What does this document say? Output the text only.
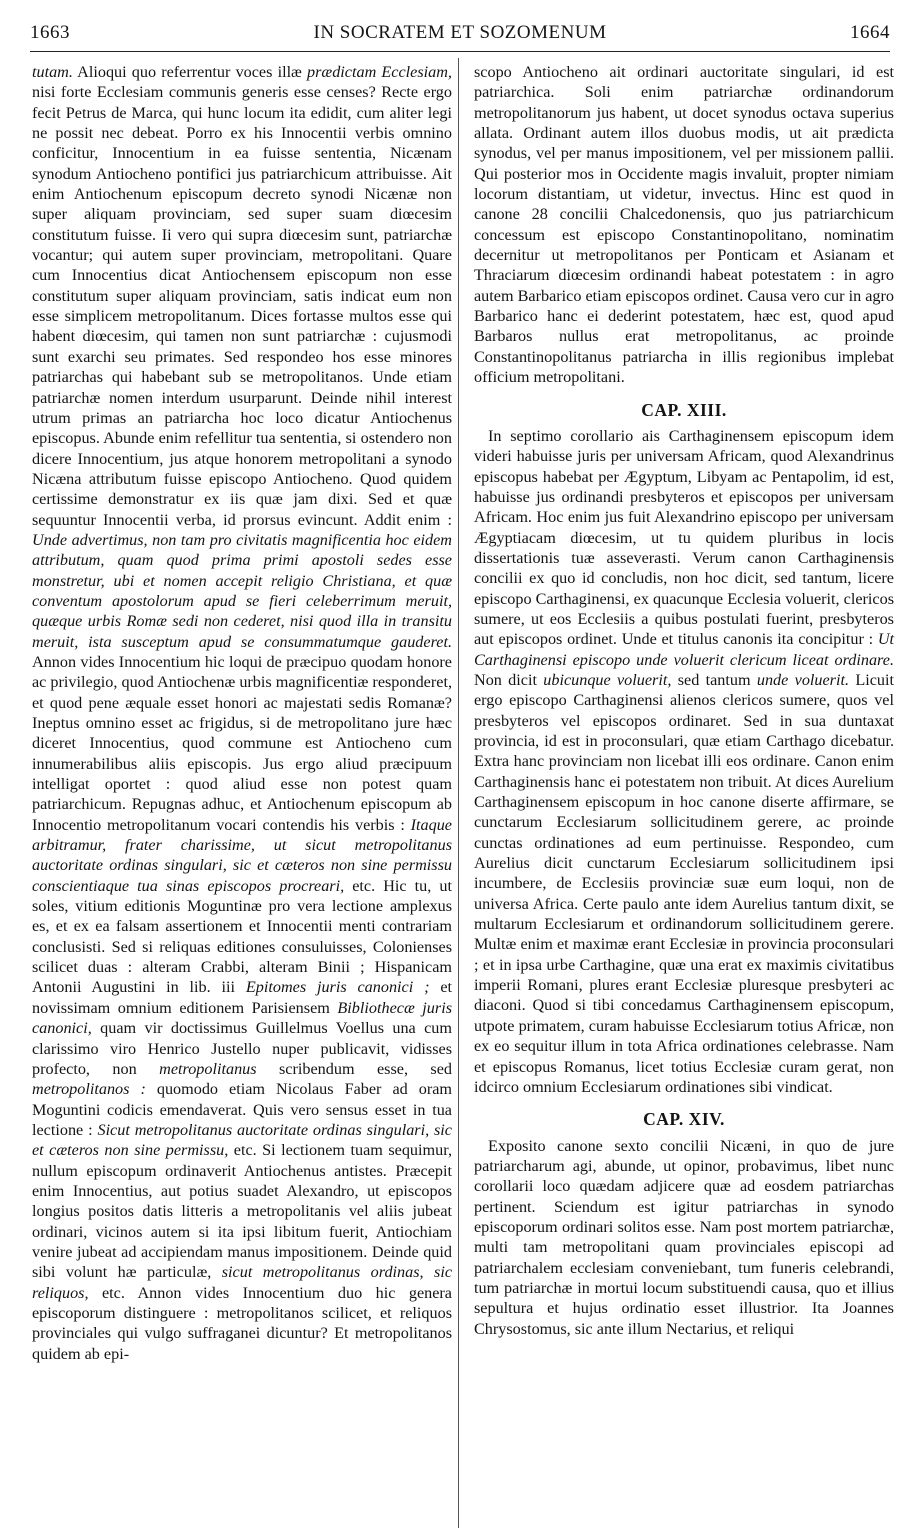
1663	IN SOCRATEM ET SOZOMENUM	1664

tutam. Alioqui quo referrentur voces illæ prædictam Ecclesiam, nisi forte Ecclesiam communis generis esse censes? Recte ergo fecit Petrus de Marca, qui hunc locum ita edidit, cum aliter legi ne possit nec debeat. Porro ex his Innocentii verbis omnino conficitur, Innocentium in ea fuisse sententia, Nicænam synodum Antiocheno pontifici jus patriarchicum attribuisse. Ait enim Antiochenum episcopum decreto synodi Nicænæ non super aliquam provinciam, sed super suam diœcesim constitutum fuisse. Ii vero qui supra diœcesim sunt, patriarchæ vocantur; qui autem super provinciam, metropolitani. Quare cum Innocentius dicat Antiochensem episcopum non esse constitutum super aliquam provinciam, satis indicat eum non esse simplicem metropolitanum. Dices fortasse multos esse qui habent diœcesim, qui tamen non sunt patriarchæ : cujusmodi sunt exarchi seu primates. Sed respondeo hos esse minores patriarchas qui habebant sub se metropolitanos. Unde etiam patriarchæ nomen interdum usurparunt. Deinde nihil interest utrum primas an patriarcha hoc loco dicatur Antiochenus episcopus. Abunde enim refellitur tua sententia, si ostendero non dicere Innocentium, jus atque honorem metropolitani a synodo Nicæna attributum fuisse episcopo Antiocheno. Quod quidem certissime demonstratur ex iis quæ jam dixi. Sed et quæ sequuntur Innocentii verba, id prorsus evincunt. Addit enim : Unde advertimus, non tam pro civitatis magnificentia hoc eidem attributum, quam quod prima primi apostoli sedes esse monstretur, ubi et nomen accepit religio Christiana, et quæ conventum apostolorum apud se fieri celeberrimum meruit, quæque urbis Romæ sedi non cederet, nisi quod illa in transitu meruit, ista susceptum apud se consummatumque gauderet. Annon vides Innocentium hic loqui de præcipuo quodam honore ac privilegio, quod Antiochenæ urbis magnificentiæ responderet, et quod pene æquale esset honori ac majestati sedis Romanæ? Ineptus omnino esset ac frigidus, si de metropolitano jure hæc diceret Innocentius, quod commune est Antiocheno cum innumerabilibus aliis episcopis. Jus ergo aliud præcipuum intelligat oportet : quod aliud esse non potest quam patriarchicum. Repugnas adhuc, et Antiochenum episcopum ab Innocentio metropolitanum vocari contendis his verbis : Itaque arbitramur, frater charissime, ut sicut metropolitanus auctoritate ordinas singulari, sic et cæteros non sine permissu conscientiaque tua sinas episcopos procreari, etc. Hic tu, ut soles, vitium editionis Moguntinæ pro vera lectione amplexus es, et ex ea falsam assertionem et Innocentii menti contrariam conclusisti. Sed si reliquas editiones consuluisses, Colonienses scilicet duas : alteram Crabbi, alteram Binii ; Hispanicam Antonii Augustini in lib. iii Epitomes juris canonici ; et novissimam omnium editionem Parisiensem Bibliothecæ juris canonici, quam vir doctissimus Guillelmus Voellus una cum clarissimo viro Henrico Justello nuper publicavit, vidisses profecto, non metropolitanus scribendum esse, sed metropolitanos : quomodo etiam Nicolaus Faber ad oram Moguntini codicis emendaverat. Quis vero sensus esset in tua lectione : Sicut metropolitanus auctoritate ordinas singulari, sic et cæteros non sine permissu, etc. Si lectionem tuam sequimur, nullum episcopum ordinaverit Antiochenus antistes. Præcepit enim Innocentius, aut potius suadet Alexandro, ut episcopos longius positos datis litteris a metropolitanis vel aliis jubeat ordinari, vicinos autem si ita ipsi libitum fuerit, Antiochiam venire jubeat ad accipiendam manus impositionem. Deinde quid sibi volunt hæ particulæ, sicut metropolitanus ordinas, sic reliquos, etc. Annon vides Innocentium duo hic genera episcoporum distinguere : metropolitanos scilicet, et reliquos provinciales qui vulgo suffraganei dicuntur? Et metropolitanos quidem ab epi-

scopo Antiocheno ait ordinari auctoritate singulari, id est patriarchica. Soli enim patriarchæ ordinandorum metropolitanorum jus habent, ut docet synodus octava superius allata. Ordinant autem illos duobus modis, ut ait prædicta synodus, vel per manus impositionem, vel per missionem pallii. Qui posterior mos in Occidente magis invaluit, propter nimiam locorum distantiam, ut videtur, invectus. Hinc est quod in canone 28 concilii Chalcedonensis, quo jus patriarchicum concessum est episcopo Constantinopolitano, nominatim decernitur ut metropolitanos per Ponticam et Asianam et Thraciarum diœcesim ordinandi habeat potestatem : in agro autem Barbarico etiam episcopos ordinet. Causa vero cur in agro Barbarico hanc ei dederint potestatem, hæc est, quod apud Barbaros nullus erat metropolitanus, ac proinde Constantinopolitanus patriarcha in illis regionibus implebat officium metropolitani.

CAP. XIII.

In septimo corollario ais Carthaginensem episcopum idem videri habuisse juris per universam Africam, quod Alexandrinus episcopus habebat per Ægyptum, Libyam ac Pentapolim, id est, habuisse jus ordinandi presbyteros et episcopos per universam Africam. Hoc enim jus fuit Alexandrino episcopo per universam Ægyptiacam diœcesim, ut tu quidem pluribus in locis dissertationis tuæ asseverasti. Verum canon Carthaginensis concilii ex quo id concludis, non hoc dicit, sed tantum, licere episcopo Carthaginensi, ex quacunque Ecclesia voluerit, clericos sumere, ut eos Ecclesiis a quibus postulati fuerint, presbyteros aut episcopos ordinet. Unde et titulus canonis ita concipitur : Ut Carthaginensi episcopo unde voluerit clericum liceat ordinare. Non dicit ubicunque voluerit, sed tantum unde voluerit. Licuit ergo episcopo Carthaginensi alienos clericos sumere, quos vel presbyteros vel episcopos ordinaret. Sed in sua duntaxat provincia, id est in proconsulari, quæ etiam Carthago dicebatur. Extra hanc provinciam non licebat illi eos ordinare. Canon enim Carthaginensis hanc ei potestatem non tribuit. At dices Aurelium Carthaginensem episcopum in hoc canone diserte affirmare, se cunctarum Ecclesiarum sollicitudinem gerere, ac proinde cunctas ordinationes ad eum pertinuisse. Respondeo, cum Aurelius dicit cunctarum Ecclesiarum sollicitudinem ipsi incumbere, de Ecclesiis provinciæ suæ eum loqui, non de universa Africa. Certe paulo ante idem Aurelius tantum dixit, se multarum Ecclesiarum et ordinandorum sollicitudinem gerere. Multæ enim et maximæ erant Ecclesiæ in provincia proconsulari ; et in ipsa urbe Carthagine, quæ una erat ex maximis civitatibus imperii Romani, plures erant Ecclesiæ pluresque presbyteri ac diaconi. Quod si tibi concedamus Carthaginensem episcopum, utpote primatem, curam habuisse Ecclesiarum totius Africæ, non ex eo sequitur illum in tota Africa ordinationes celebrasse. Nam et episcopus Romanus, licet totius Ecclesiæ curam gerat, non idcirco omnium Ecclesiarum ordinationes sibi vindicat.

CAP. XIV.

Exposito canone sexto concilii Nicæni, in quo de jure patriarcharum agi, abunde, ut opinor, probavimus, libet nunc corollarii loco quædam adjicere quæ ad eosdem patriarchas pertinent. Sciendum est igitur patriarchas in synodo episcoporum ordinari solitos esse. Nam post mortem patriarchæ, multi tam metropolitani quam provinciales episcopi ad patriarchalem ecclesiam conveniebant, tum funeris celebrandi, tum patriarchæ in mortui locum substituendi causa, quo et illius sepultura et hujus ordinatio esset illustrior. Ita Joannes Chrysostomus, sic ante illum Nectarius, et reliqui
